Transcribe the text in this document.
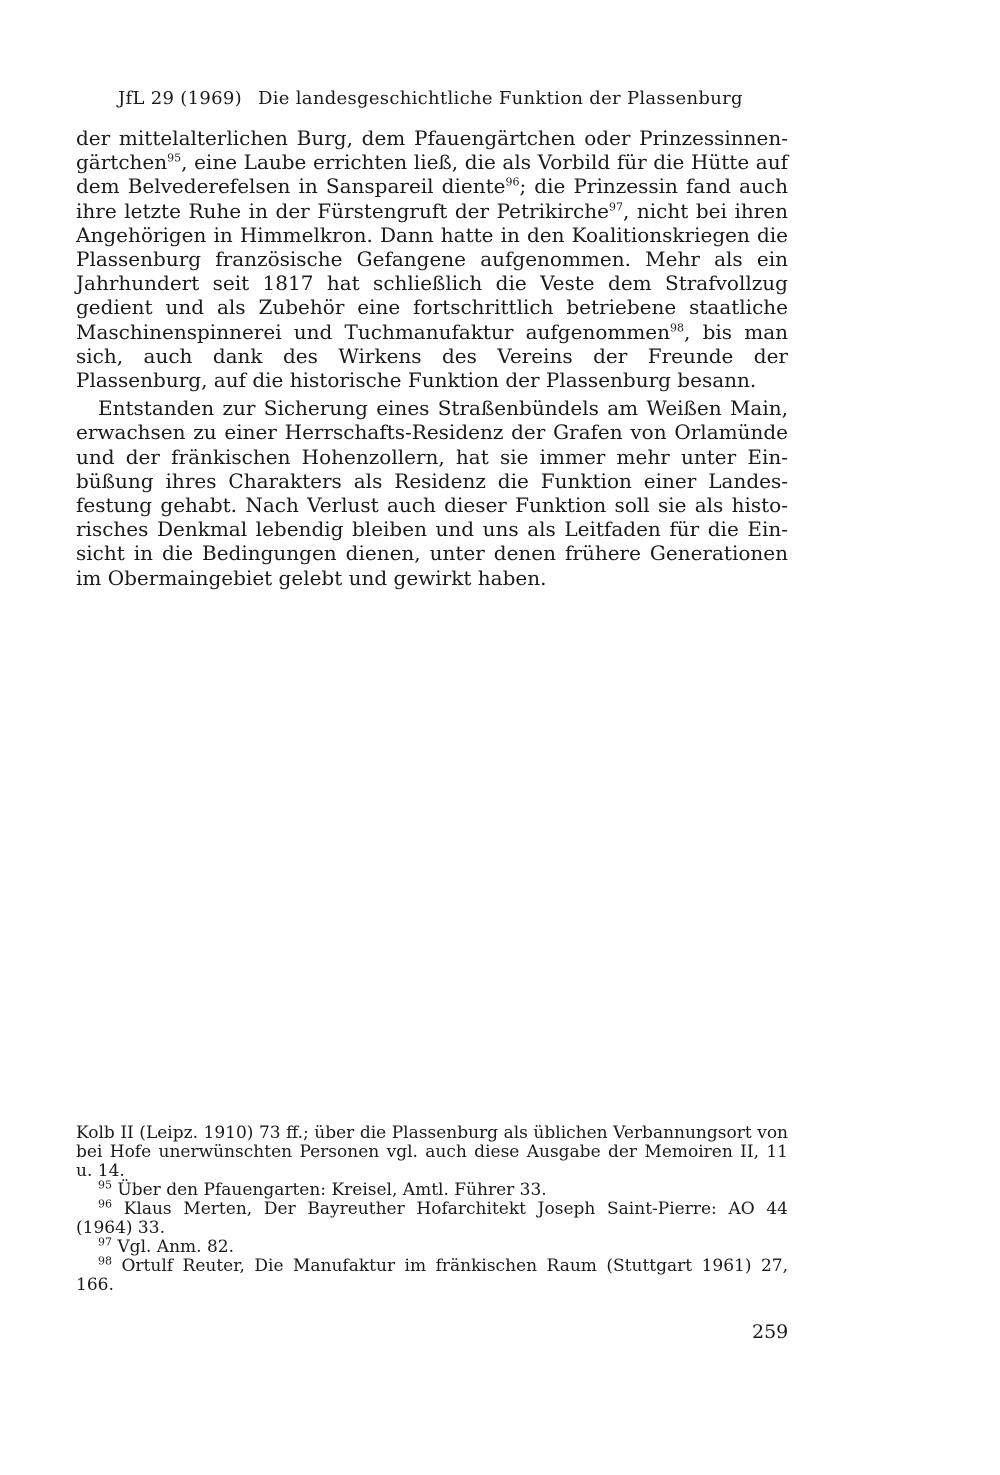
JfL 29 (1969) Die landesgeschichtliche Funktion der Plassenburg

der mittelalterlichen Burg, dem Pfauengärtchen oder Prinzessinnengärtchen$^{95}$, eine Laube errichten ließ, die als Vorbild für die Hütte auf dem Belvederefelsen in Sanspareil diente$^{96}$; die Prinzessin fand auch ihre letzte Ruhe in der Fürstengruft der Petrikirche$^{97}$, nicht bei ihren Angehörigen in Himmelkron. Dann hatte in den Koalitionskriegen die Plassenburg französische Gefangene aufgenommen. Mehr als ein Jahrhundert seit 1817 hat schließlich die Veste dem Strafvollzug gedient und als Zubehör eine fortschrittlich betriebene staatliche Maschinenspinnerei und Tuchmanufaktur aufgenommen$^{98}$, bis man sich, auch dank des Wirkens des Vereins der Freunde der Plassenburg, auf die historische Funktion der Plassenburg besann.

Entstanden zur Sicherung eines Straßenbündels am Weißen Main, erwachsen zu einer Herrschafts-Residenz der Grafen von Orlamünde und der fränkischen Hohenzollern, hat sie immer mehr unter Einbüßung ihres Charakters als Residenz die Funktion einer Landesfestung gehabt. Nach Verlust auch dieser Funktion soll sie als historisches Denkmal lebendig bleiben und uns als Leitfaden für die Einsicht in die Bedingungen dienen, unter denen frühere Generationen im Obermaingebiet gelebt und gewirkt haben.

Kolb II (Leipz. 1910) 73 ff.; über die Plassenburg als üblichen Verbannungsort von bei Hofe unerwünschten Personen vgl. auch diese Ausgabe der Memoiren II, 11 u. 14.

$^{95}$ Über den Pfauengarten: Kreisel, Amtl. Führer 33.

$^{96}$ Klaus Merten, Der Bayreuther Hofarchitekt Joseph Saint-Pierre: AO 44 (1964) 33.

$^{97}$ Vgl. Anm. 82.

$^{98}$ Ortulf Reuter, Die Manufaktur im fränkischen Raum (Stuttgart 1961) 27, 166.

259
